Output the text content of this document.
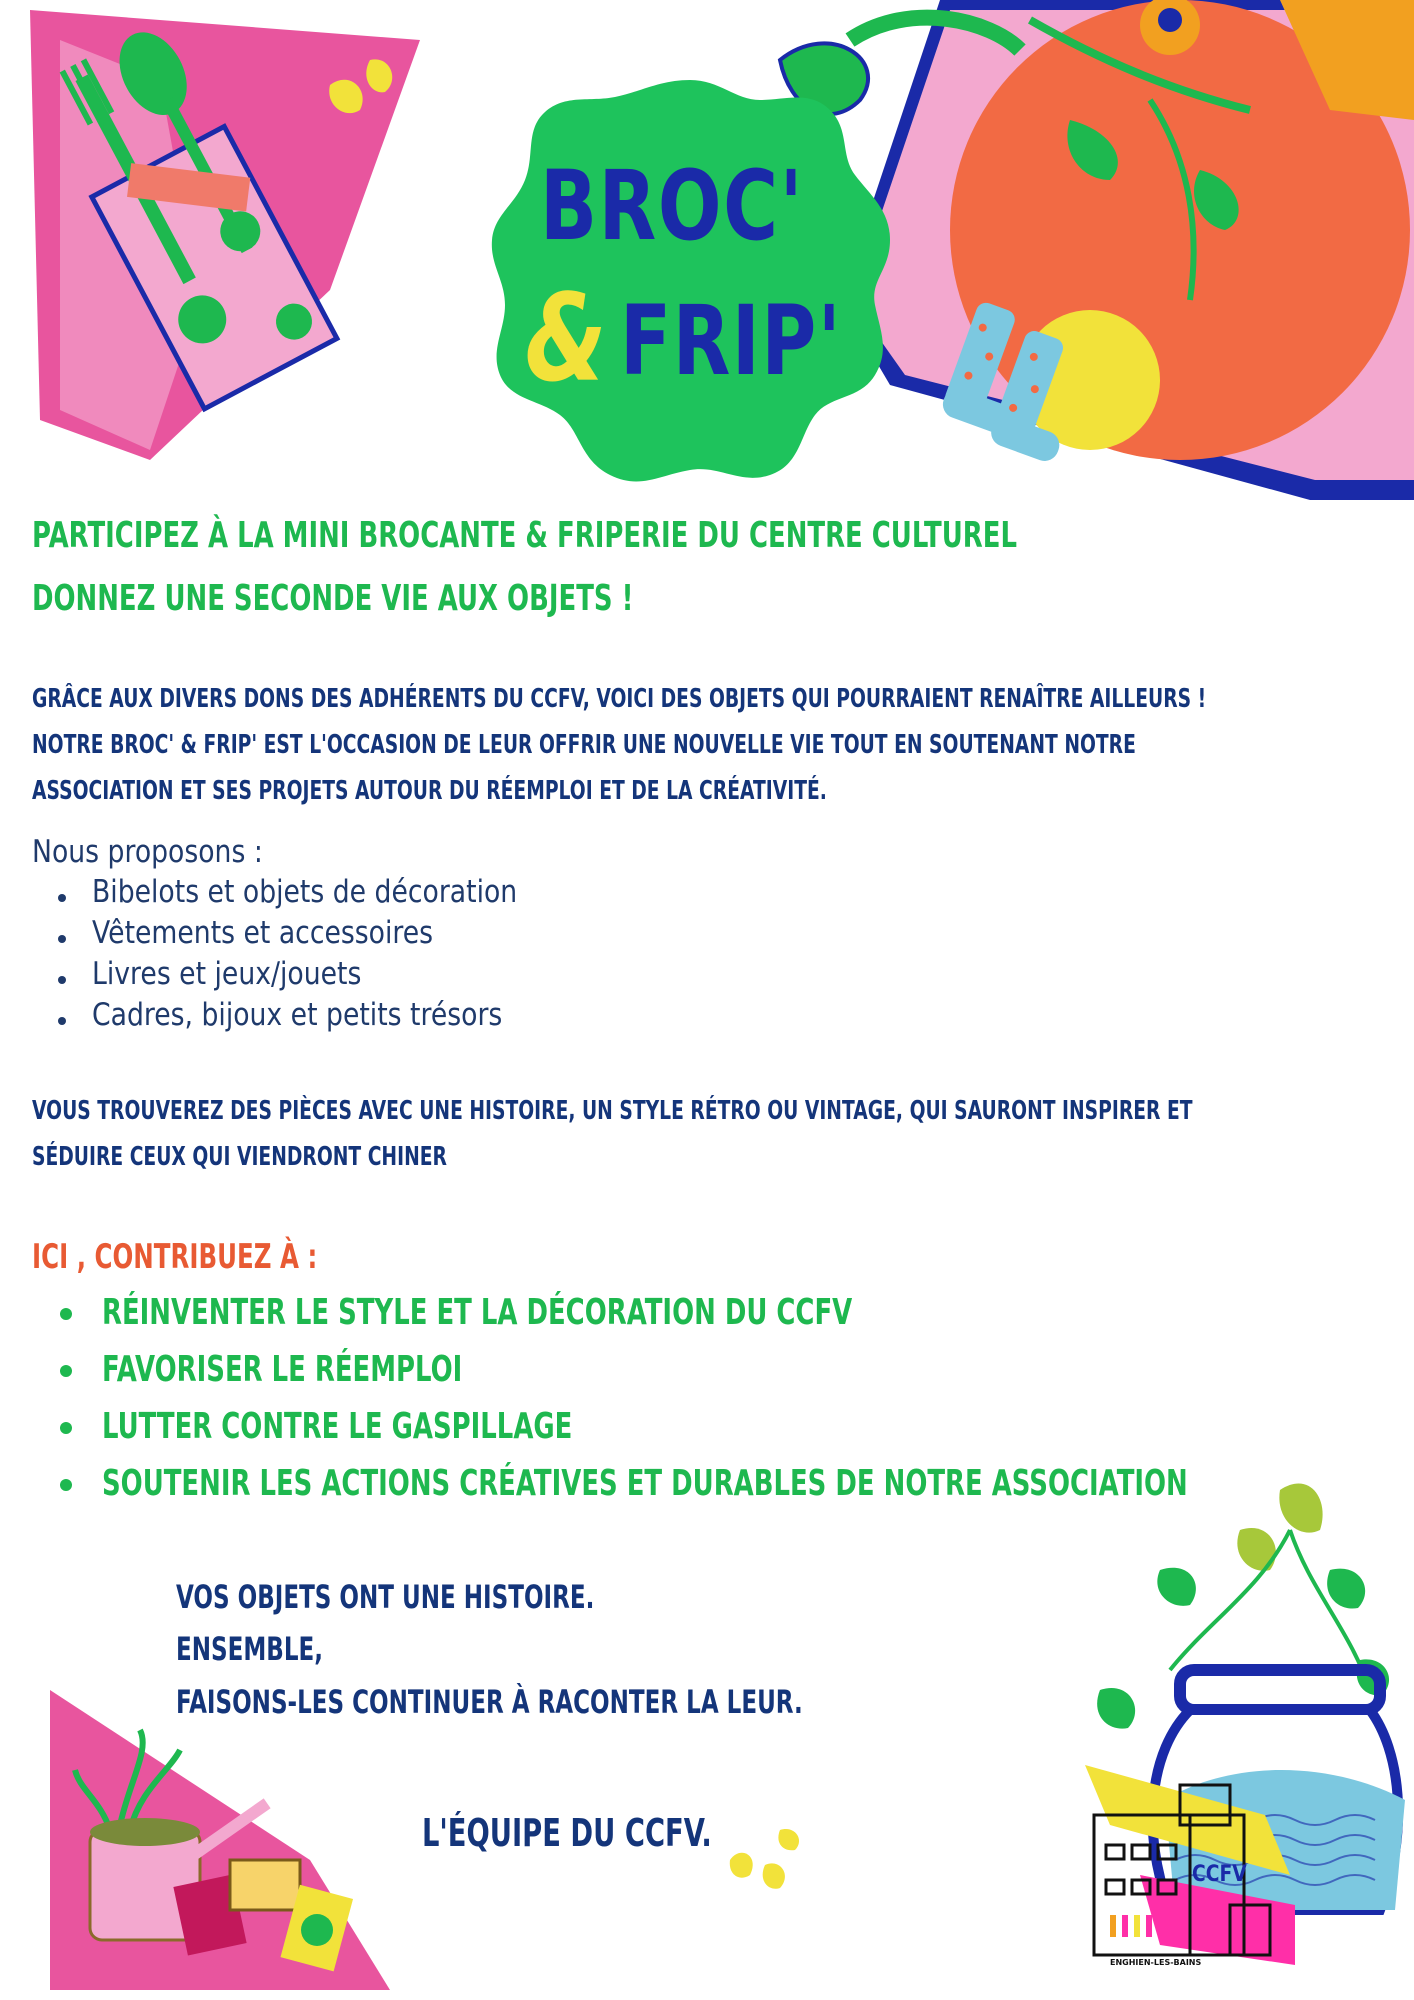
BROC'
& FRIP'
PARTICIPEZ À LA MINI BROCANTE & FRIPERIE DU CENTRE CULTUREL
DONNEZ UNE SECONDE VIE AUX OBJETS !
GRÂCE AUX DIVERS DONS DES ADHÉRENTS DU CCFV, VOICI DES OBJETS QUI POURRAIENT RENAÎTRE AILLEURS !
NOTRE BROC' & FRIP' EST L'OCCASION DE LEUR OFFRIR UNE NOUVELLE VIE TOUT EN SOUTENANT NOTRE
ASSOCIATION ET SES PROJETS AUTOUR DU RÉEMPLOI ET DE LA CRÉATIVITÉ.
Nous proposons :
Bibelots et objets de décoration
Vêtements et accessoires
Livres et jeux/jouets
Cadres, bijoux et petits trésors
VOUS TROUVEREZ DES PIÈCES AVEC UNE HISTOIRE, UN STYLE RÉTRO OU VINTAGE, QUI SAURONT INSPIRER ET
SÉDUIRE CEUX QUI VIENDRONT CHINER
ICI , CONTRIBUEZ À :
RÉINVENTER LE STYLE ET LA DÉCORATION DU CCFV
FAVORISER LE RÉEMPLOI
LUTTER CONTRE LE GASPILLAGE
SOUTENIR LES ACTIONS CRÉATIVES ET DURABLES DE NOTRE ASSOCIATION
VOS OBJETS ONT UNE HISTOIRE.
ENSEMBLE,
FAISONS-LES CONTINUER À RACONTER LA LEUR.
L'ÉQUIPE DU CCFV.
CCFV
ENGHIEN-LES-BAINS
